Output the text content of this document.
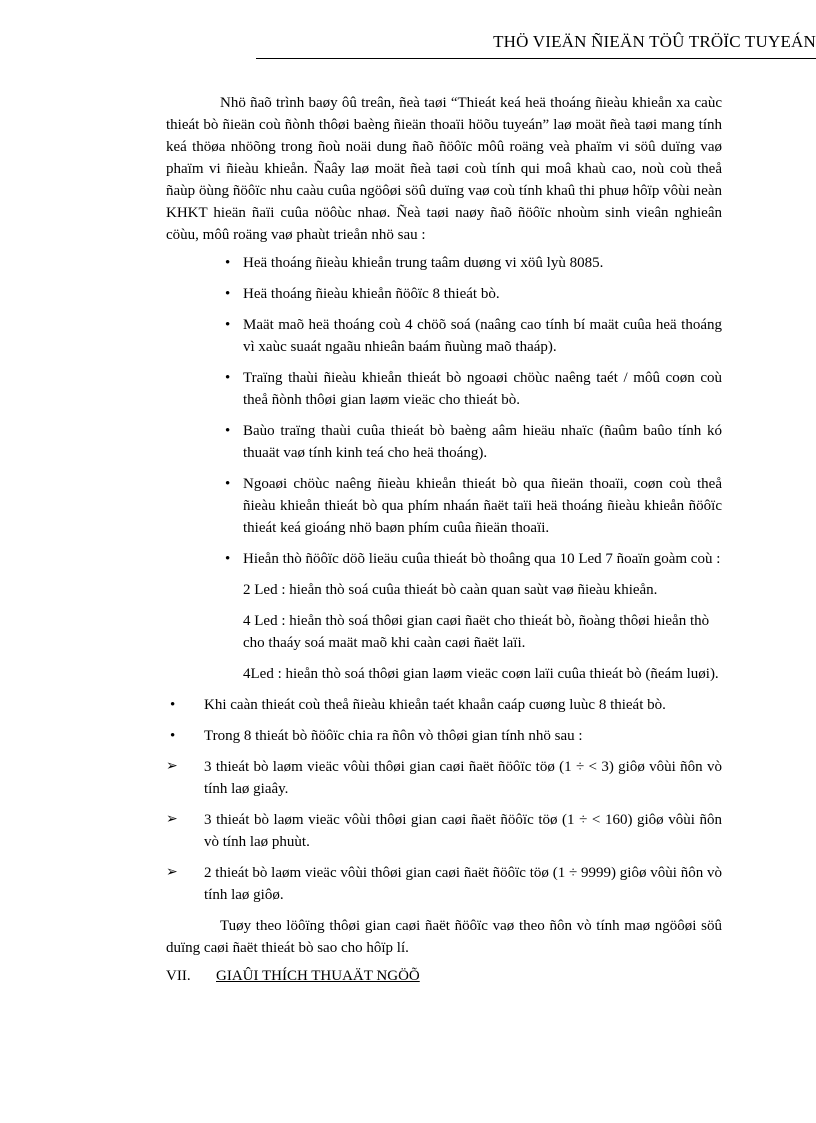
THÖ VIEÄN ÑIEÄN TÖÛ TRÖÏC TUYEÁN

Nhö ñaõ trình baøy ôû treân, ñeà taøi “Thieát keá heä thoáng ñieàu khieån xa caùc thieát bò ñieän coù ñònh thôøi baèng ñieän thoaïi höõu tuyeán” laø moät ñeà taøi mang tính keá thöøa nhöõng trong ñoù noäi dung ñaõ ñöôïc môû roäng veà phaïm vi söû duïng vaø phaïm vi ñieàu khieån. Ñaây laø moät ñeà taøi coù tính qui moâ khaù cao, noù coù theå ñaùp öùng ñöôïc nhu caàu cuûa ngöôøi söû duïng vaø coù tính khaû thi phuø hôïp vôùi neàn KHKT hieän ñaïi cuûa nöôùc nhaø. Ñeà taøi naøy ñaõ ñöôïc nhoùm sinh vieân nghieân cöùu, môû roäng vaø phaùt trieån nhö sau :

• Heä thoáng ñieàu khieån trung taâm duøng vi xöû lyù 8085.
• Heä thoáng ñieàu khieån ñöôïc 8 thieát bò.
• Maät maõ heä thoáng coù 4 chöõ soá (naâng cao tính bí maät cuûa heä thoáng vì xaùc suaát ngaãu nhieân baám ñuùng maõ thaáp).
• Traïng thaùi ñieàu khieån thieát bò ngoaøi chöùc naêng taét / môû coøn coù theå ñònh thôøi gian laøm vieäc cho thieát bò.
• Baùo traïng thaùi cuûa thieát bò baèng aâm hieäu nhaïc (ñaûm baûo tính kó thuaät vaø tính kinh teá cho heä thoáng).
• Ngoaøi chöùc naêng ñieàu khieån thieát bò qua ñieän thoaïi, coøn coù theå ñieàu khieån thieát bò qua phím nhaán ñaët taïi heä thoáng ñieàu khieån ñöôïc thieát keá gioáng nhö baøn phím cuûa ñieän thoaïi.
• Hieån thò ñöôïc döõ lieäu cuûa thieát bò thoâng qua 10 Led 7 ñoaïn goàm coù :
2 Led : hieån thò soá cuûa thieát bò caàn quan saùt vaø ñieàu khieån.
4 Led : hieån thò soá thôøi gian caøi ñaët cho thieát bò, ñoàng thôøi hieån thò cho thaáy soá maät maõ khi caàn caøi ñaët laïi.
4Led : hieån thò soá thôøi gian laøm vieäc coøn laïi cuûa thieát bò (ñeám luøi).
• Khi caàn thieát coù theå ñieàu khieån taét khaån caáp cuøng luùc 8 thieát bò.
• Trong 8 thieát bò ñöôïc chia ra ñôn vò thôøi gian tính nhö sau :
➢ 3 thieát bò laøm vieäc vôùi thôøi gian caøi ñaët ñöôïc töø (1 ÷ < 3) giôø vôùi ñôn vò tính laø giaây.
➢ 3 thieát bò laøm vieäc vôùi thôøi gian caøi ñaët ñöôïc töø (1 ÷ < 160) giôø vôùi ñôn vò tính laø phuùt.
➢ 2 thieát bò laøm vieäc vôùi thôøi gian caøi ñaët ñöôïc töø (1 ÷ 9999) giôø vôùi ñôn vò tính laø giôø.

Tuøy theo löôïng thôøi gian caøi ñaët ñöôïc vaø theo ñôn vò tính maø ngöôøi söû duïng caøi ñaët thieát bò sao cho hôïp lí.

VII. GIAÛI THÍCH THUAÄT NGÖÕ
